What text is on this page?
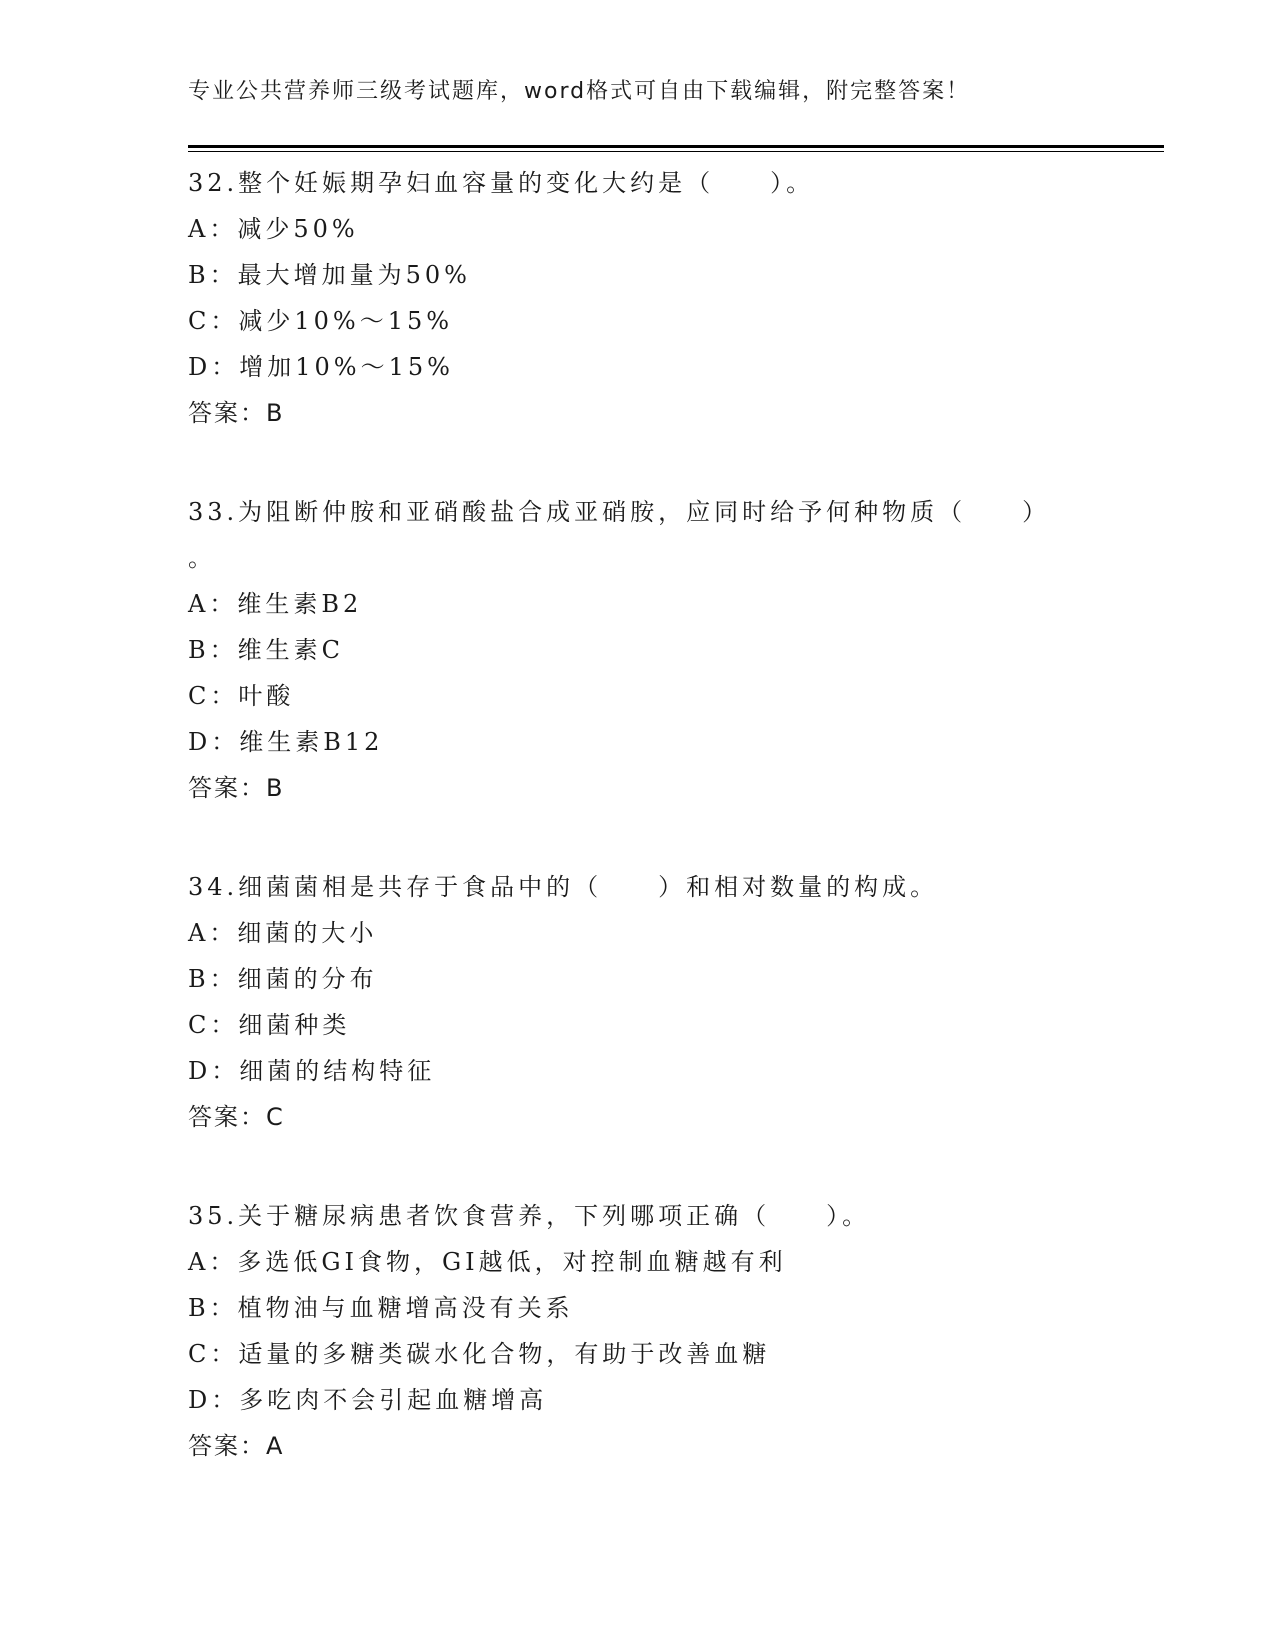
专业公共营养师三级考试题库，word格式可自由下载编辑，附完整答案！
32.整个妊娠期孕妇血容量的变化大约是（　　）。
A：减少50%
B：最大增加量为50%
C：减少10%～15%
D：增加10%～15%
答案：B
33.为阻断仲胺和亚硝酸盐合成亚硝胺，应同时给予何种物质（　　）
。
A：维生素B2
B：维生素C
C：叶酸
D：维生素B12
答案：B
34.细菌菌相是共存于食品中的（　　）和相对数量的构成。
A：细菌的大小
B：细菌的分布
C：细菌种类
D：细菌的结构特征
答案：C
35.关于糖尿病患者饮食营养，下列哪项正确（　　）。
A：多选低GI食物，GI越低，对控制血糖越有利
B：植物油与血糖增高没有关系
C：适量的多糖类碳水化合物，有助于改善血糖
D：多吃肉不会引起血糖增高
答案：A
